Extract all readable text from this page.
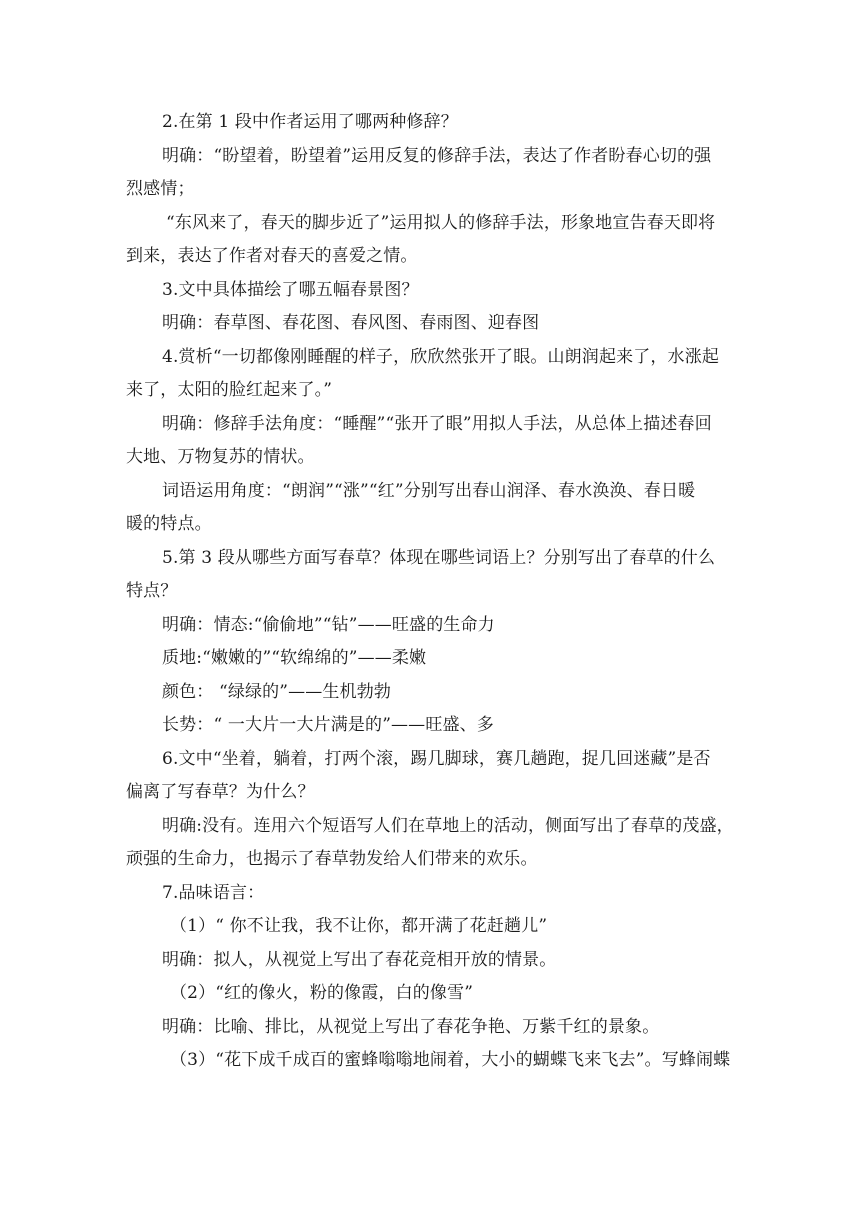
2.在第 1 段中作者运用了哪两种修辞？

明确：“盼望着，盼望着”运用反复的修辞手法，表达了作者盼春心切的强

烈感情；

“东风来了，春天的脚步近了”运用拟人的修辞手法，形象地宣告春天即将

到来，表达了作者对春天的喜爱之情。

3.文中具体描绘了哪五幅春景图？

明确：春草图、春花图、春风图、春雨图、迎春图

4.赏析“一切都像刚睡醒的样子，欣欣然张开了眼。山朗润起来了，水涨起

来了，太阳的脸红起来了。”

明确：修辞手法角度：“睡醒”“张开了眼”用拟人手法，从总体上描述春回

大地、万物复苏的情状。

词语运用角度：“朗润”“涨”“红”分别写出春山润泽、春水涣涣、春日暖

暖的特点。

5.第 3 段从哪些方面写春草？体现在哪些词语上？分别写出了春草的什么

特点？

明确：情态:“偷偷地”“钻”——旺盛的生命力

质地:“嫩嫩的”“软绵绵的”——柔嫩

颜色： “绿绿的”——生机勃勃

长势：“ 一大片一大片满是的”——旺盛、多

6.文中“坐着，躺着，打两个滚，踢几脚球，赛几趟跑，捉几回迷藏”是否

偏离了写春草？为什么？

明确:没有。连用六个短语写人们在草地上的活动，侧面写出了春草的茂盛，

顽强的生命力，也揭示了春草勃发给人们带来的欢乐。

7.品味语言：

（1）“ 你不让我，我不让你，都开满了花赶趟儿”

明确：拟人，从视觉上写出了春花竞相开放的情景。

（2）“红的像火，粉的像霞，白的像雪”

明确：比喻、排比，从视觉上写出了春花争艳、万紫千红的景象。

（3）“花下成千成百的蜜蜂嗡嗡地闹着，大小的蝴蝶飞来飞去”。写蜂闹蝶
